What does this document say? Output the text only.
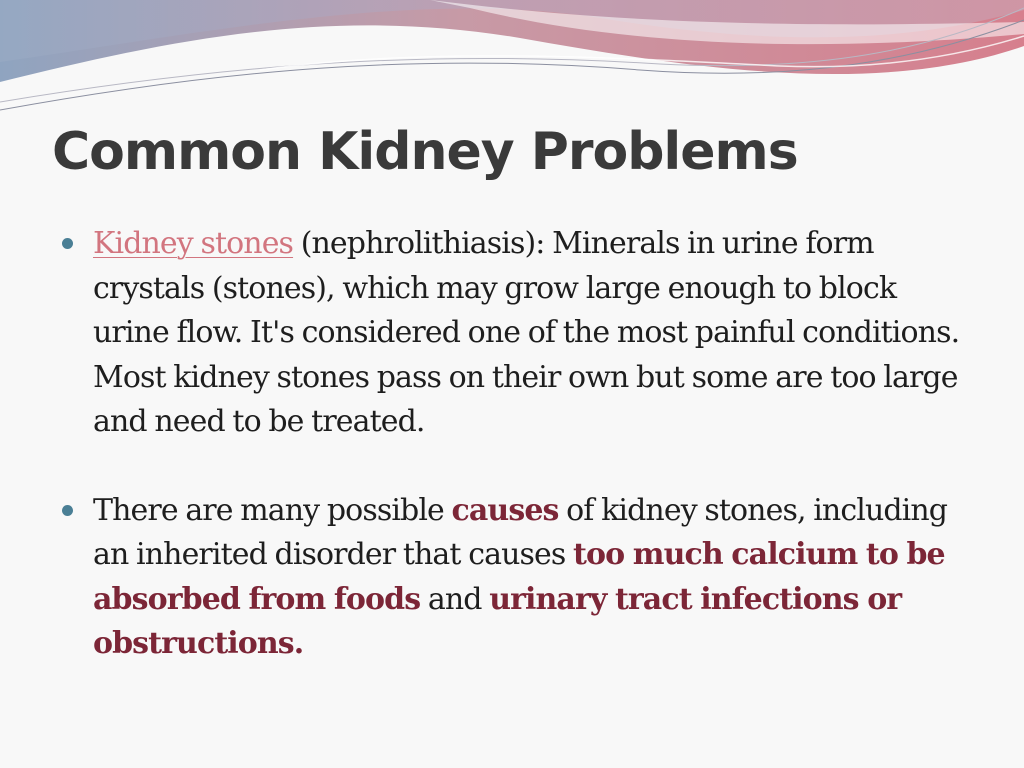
Common Kidney Problems
Kidney stones (nephrolithiasis): Minerals in urine form crystals (stones), which may grow large enough to block urine flow. It's considered one of the most painful conditions. Most kidney stones pass on their own but some are too large and need to be treated.
There are many possible causes of kidney stones, including an inherited disorder that causes too much calcium to be absorbed from foods and urinary tract infections or obstructions.
